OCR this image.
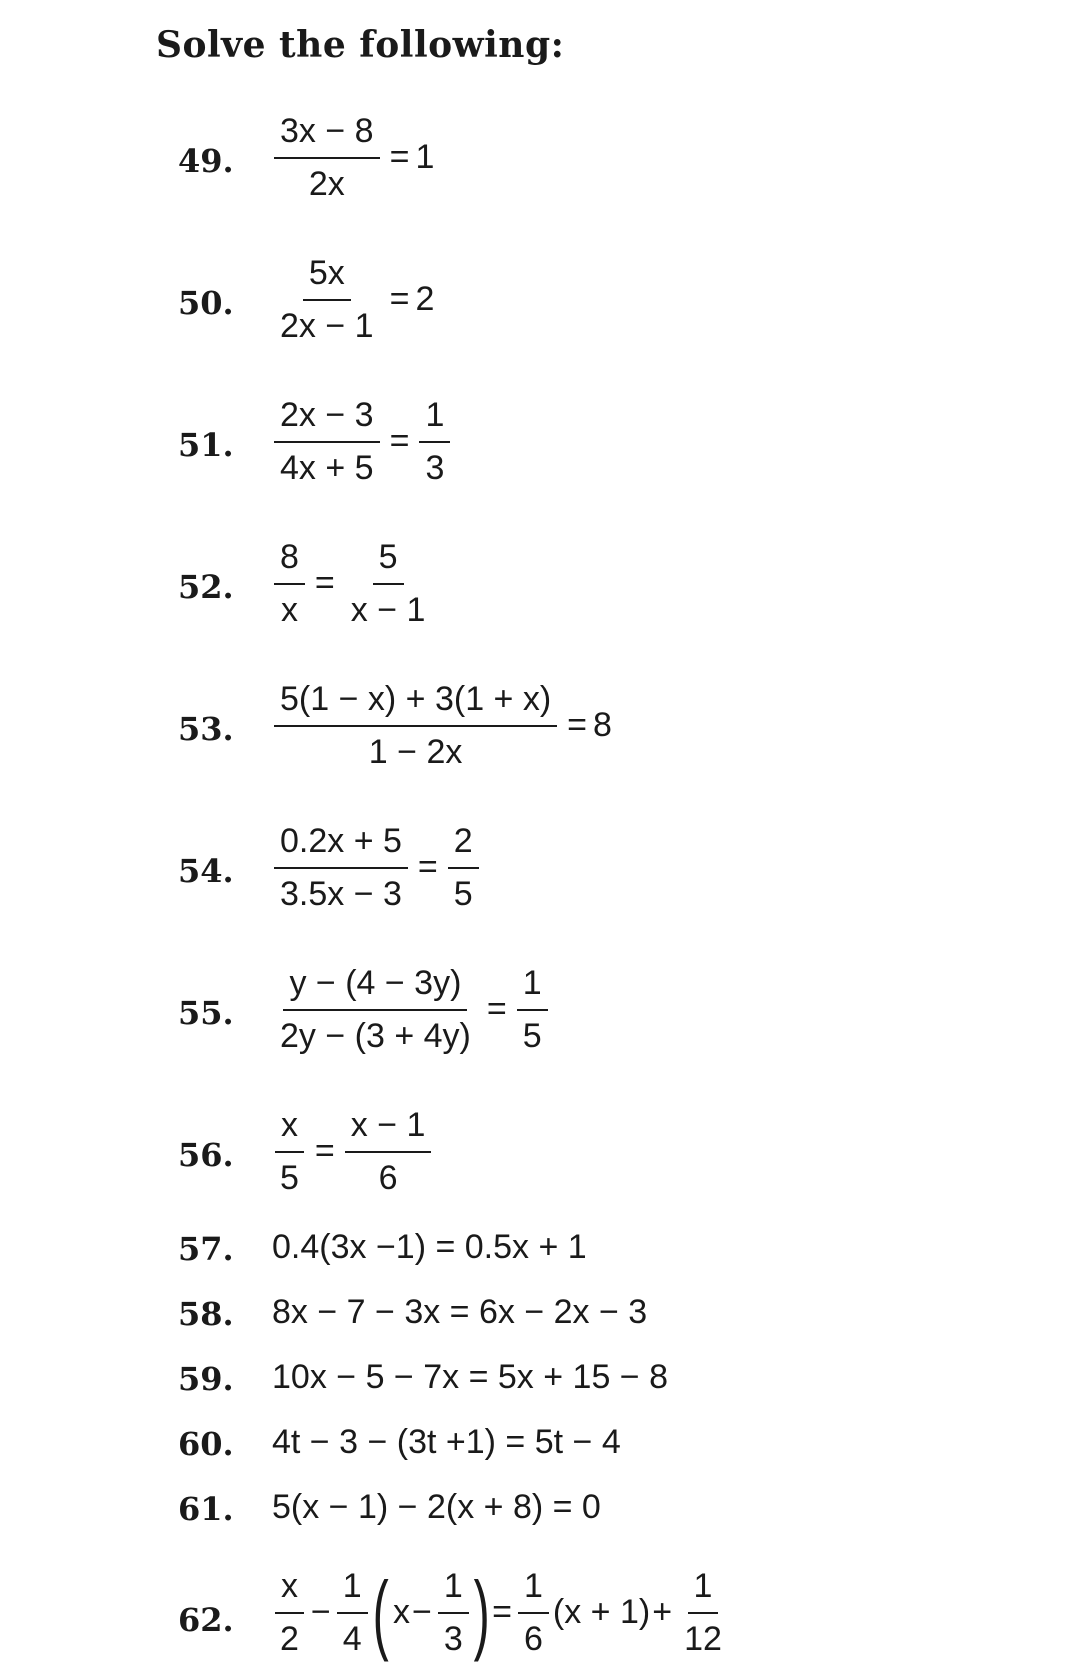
Solve the following:
49. $\frac{3x - 8}{2x} = 1$
50. $\frac{5x}{2x - 1} = 2$
51. $\frac{2x - 3}{4x + 5} = \frac{1}{3}$
52. $\frac{8}{x} = \frac{5}{x - 1}$
53. $\frac{5(1 - x) + 3(1 + x)}{1 - 2x} = 8$
54. $\frac{0.2x + 5}{3.5x - 3} = \frac{2}{5}$
55. $\frac{y - (4 - 3y)}{2y - (3 + 4y)} = \frac{1}{5}$
56. $\frac{x}{5} = \frac{x - 1}{6}$
57. 0.4(3x −1) = 0.5x + 1
58. 8x − 7 − 3x = 6x − 2x − 3
59. 10x − 5 − 7x = 5x + 15 − 8
60. 4t − 3 − (3t +1) = 5t − 4
61. 5(x − 1) − 2(x + 8) = 0
62. $\frac{x}{2} - \frac{1}{4}$ ( $x - \frac{1}{3}$ ) = $\frac{1}{6} (x + 1) + \frac{1}{12}$
